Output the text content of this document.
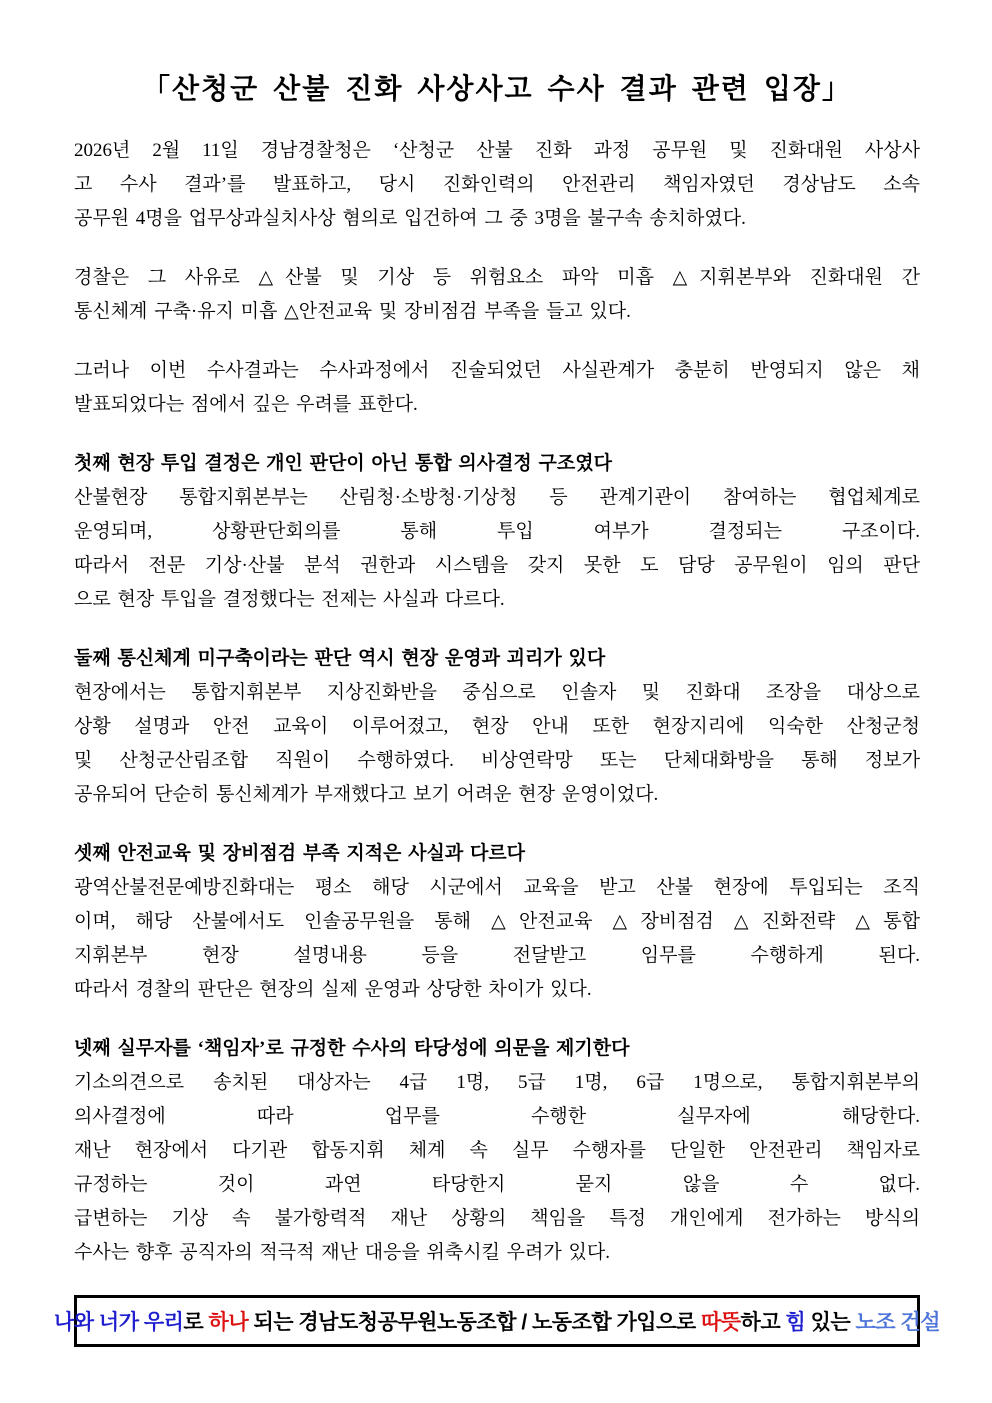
「산청군 산불 진화 사상사고 수사 결과 관련 입장」
2026년 2월 11일 경남경찰청은 ‘산청군 산불 진화 과정 공무원 및 진화대원 사상사
고 수사 결과’를 발표하고, 당시 진화인력의 안전관리 책임자였던 경상남도 소속
공무원 4명을 업무상과실치사상 혐의로 입건하여 그 중 3명을 불구속 송치하였다.
경찰은 그 사유로 △산불 및 기상 등 위험요소 파악 미흡 △지휘본부와 진화대원 간
통신체계 구축·유지 미흡 △안전교육 및 장비점검 부족을 들고 있다.
그러나 이번 수사결과는 수사과정에서 진술되었던 사실관계가 충분히 반영되지 않은 채
발표되었다는 점에서 깊은 우려를 표한다.
첫째 현장 투입 결정은 개인 판단이 아닌 통합 의사결정 구조였다
산불현장 통합지휘본부는 산림청·소방청·기상청 등 관계기관이 참여하는 협업체계로
운영되며, 상황판단회의를 통해 투입 여부가 결정되는 구조이다.
따라서 전문 기상·산불 분석 권한과 시스템을 갖지 못한 도 담당 공무원이 임의 판단
으로 현장 투입을 결정했다는 전제는 사실과 다르다.
둘째 통신체계 미구축이라는 판단 역시 현장 운영과 괴리가 있다
현장에서는 통합지휘본부 지상진화반을 중심으로 인솔자 및 진화대 조장을 대상으로
상황 설명과 안전 교육이 이루어졌고, 현장 안내 또한 현장지리에 익숙한 산청군청
및 산청군산림조합 직원이 수행하였다. 비상연락망 또는 단체대화방을 통해 정보가
공유되어 단순히 통신체계가 부재했다고 보기 어려운 현장 운영이었다.
셋째 안전교육 및 장비점검 부족 지적은 사실과 다르다
광역산불전문예방진화대는 평소 해당 시군에서 교육을 받고 산불 현장에 투입되는 조직
이며, 해당 산불에서도 인솔공무원을 통해 △안전교육 △장비점검 △진화전략 △통합
지휘본부 현장 설명내용 등을 전달받고 임무를 수행하게 된다.
따라서 경찰의 판단은 현장의 실제 운영과 상당한 차이가 있다.
넷째 실무자를 ‘책임자’로 규정한 수사의 타당성에 의문을 제기한다
기소의견으로 송치된 대상자는 4급 1명, 5급 1명, 6급 1명으로, 통합지휘본부의
의사결정에 따라 업무를 수행한 실무자에 해당한다.
재난 현장에서 다기관 합동지휘 체계 속 실무 수행자를 단일한 안전관리 책임자로
규정하는 것이 과연 타당한지 묻지 않을 수 없다.
급변하는 기상 속 불가항력적 재난 상황의 책임을 특정 개인에게 전가하는 방식의
수사는 향후 공직자의 적극적 재난 대응을 위축시킬 우려가 있다.
나와 너가 우리로 하나 되는 경남도청공무원노동조합 / 노동조합 가입으로 따뜻하고 힘 있는 노조 건설
